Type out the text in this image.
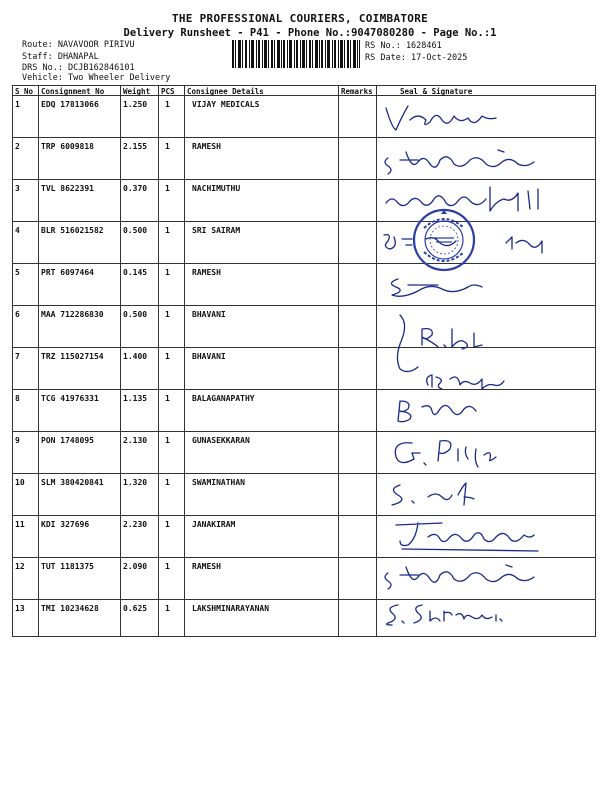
THE PROFESSIONAL COURIERS, COIMBATORE
Delivery Runsheet - P41 - Phone No.:9047080280 - Page No.:1
Route: NAVAVOOR PIRIVU
Staff: DHANAPAL
DRS No.: DCJB162846101
Vehicle: Two Wheeler Delivery
RS No.: 1628461
RS Date: 17-Oct-2025
S No Consignment No	Weight PCS Consignee Details	Remarks	Seal & Signature
1	EDQ 17813066	1.250 1	VIJAY MEDICALS
2	TRP 6009818	2.155 1	RAMESH
3	TVL 8622391	0.370 1	NACHIMUTHU
4	BLR 516021582 0.500 1	SRI SAIRAM
5	PRT 6097464	0.145 1	RAMESH
6	MAA 712286830 0.500 1	BHAVANI
7	TRZ 115027154 1.400 1	BHAVANI
8	TCG 41976331	1.135 1	BALAGANAPATHY
9	PON 1748095	2.130 1	GUNASEKKARAN
10 SLM 380420841 1.320 1	SWAMINATHAN
11 KDI 327696	2.230 1	JANAKIRAM
12 TUT 1181375	2.090 1	RAMESH
13 TMI 10234628	0.625 1	LAKSHMINARAYANAN
